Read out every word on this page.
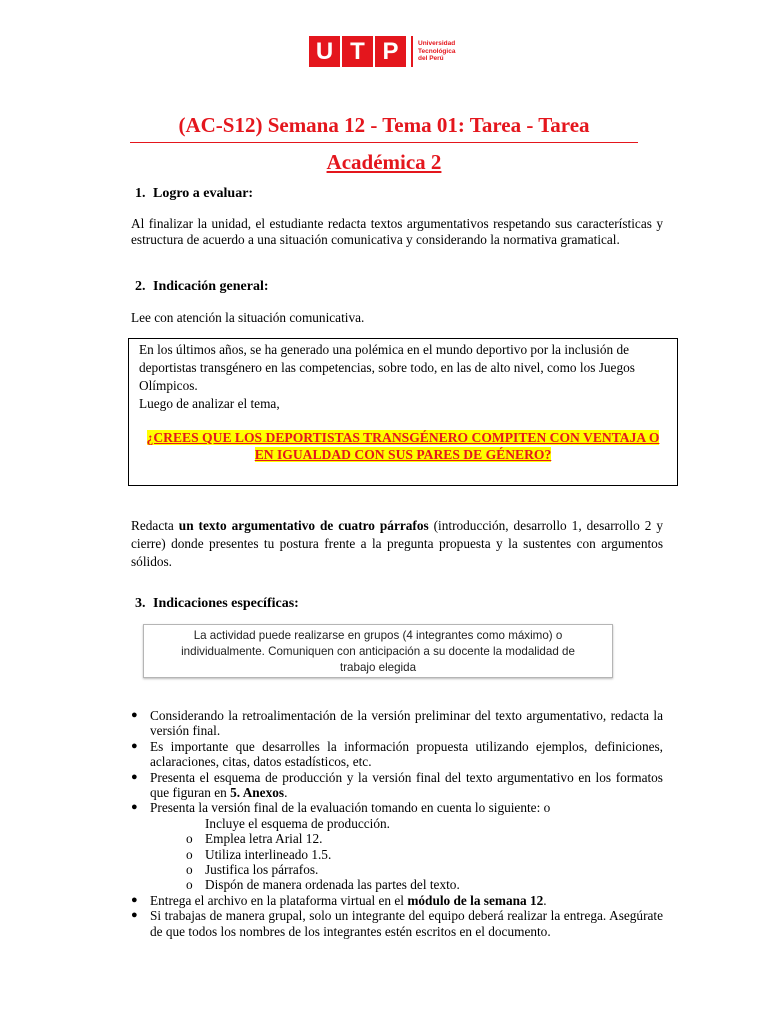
U T P	Universidad
Tecnológica
del Perú
(AC-S12) Semana 12 - Tema 01: Tarea - Tarea
Académica 2
1. Logro a evaluar:
Al finalizar la unidad, el estudiante redacta textos argumentativos respetando sus características y estructura de acuerdo a una situación comunicativa y considerando la normativa gramatical.
2. Indicación general:
Lee con atención la situación comunicativa.
En los últimos años, se ha generado una polémica en el mundo deportivo por la inclusión de deportistas transgénero en las competencias, sobre todo, en las de alto nivel, como los Juegos Olímpicos.
Luego de analizar el tema,
¿CREES QUE LOS DEPORTISTAS TRANSGÉNERO COMPITEN CON VENTAJA O EN IGUALDAD CON SUS PARES DE GÉNERO?
Redacta un texto argumentativo de cuatro párrafos (introducción, desarrollo 1, desarrollo 2 y cierre) donde presentes tu postura frente a la pregunta propuesta y la sustentes con argumentos sólidos.
3. Indicaciones específicas:
La actividad puede realizarse en grupos (4 integrantes como máximo) o
individualmente. Comuniquen con anticipación a su docente la modalidad de
trabajo elegida
● Considerando la retroalimentación de la versión preliminar del texto argumentativo, redacta la versión final.
● Es importante que desarrolles la información propuesta utilizando ejemplos, definiciones, aclaraciones, citas, datos estadísticos, etc.
● Presenta el esquema de producción y la versión final del texto argumentativo en los formatos que figuran en 5. Anexos.
● Presenta la versión final de la evaluación tomando en cuenta lo siguiente: o
Incluye el esquema de producción.
o Emplea letra Arial 12.
o Utiliza interlineado 1.5.
o Justifica los párrafos.
o Dispón de manera ordenada las partes del texto.
● Entrega el archivo en la plataforma virtual en el módulo de la semana 12.
● Si trabajas de manera grupal, solo un integrante del equipo deberá realizar la entrega. Asegúrate de que todos los nombres de los integrantes estén escritos en el documento.
